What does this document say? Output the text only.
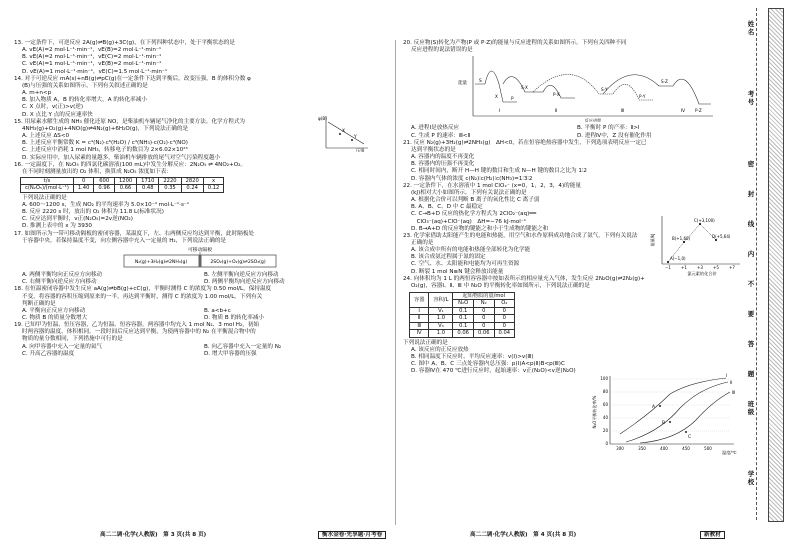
13. 一定条件下，可逆反应 2A(g)⇌B(g)+3C(g)，在下列四种状态中，处于平衡状态的是
A. vE(A)=2 mol·L⁻¹·min⁻¹，vE(B)=2 mol·L⁻¹·min⁻¹
B. vE(A)=2 mol·L⁻¹·min⁻¹，vE(C)=2 mol·L⁻¹·min⁻¹
C. vE(A)=1 mol·L⁻¹·min⁻¹，vE(B)=2 mol·L⁻¹·min⁻¹
D. vE(A)=1 mol·L⁻¹·min⁻¹，vE(C)=1.5 mol·L⁻¹·min⁻¹
14. 对于可逆反应 mA(s)+nB(g)⇌pC(g)在一定条件下达到平衡后，改变压强，B 的体积分数 φ
(B)与压强的关系如图所示，下列有关叙述正确的是
A. m+n<p
B. 加入物质 A，B 的转化率增大，A 的转化率减小
C. X 点时，v(正)>v(逆)
D. X 点比 Y 点的反应速率快
15. 用尿素水解生成的 NH₃ 催化还原 NO，是柴油机车辆尾气净化的主要方法。化学方程式为
4NH₃(g)+O₂(g)+4NO(g)⇌4N₂(g)+6H₂O(g)，下列说法正确的是
A. 上述反应 ΔS<0
B. 上述反应平衡常数 K = c⁴(N₂)·c⁶(H₂O) / c⁴(NH₃)·c(O₂)·c⁴(NO)
C. 上述反应中消耗 1 mol NH₃，转移电子的数目为 2×6.02×10²³
D. 实际应用中，加入尿素的量越多，柴油机车辆排放的尾气对空气污染程度越小
16. 一定温度下，在 N₂O₅ 的四氯化碳溶液(100 mL)中发生分解反应：2N₂O₅ ⇌ 4NO₂+O₂。
在不同时刻测量放出的 O₂ 体积，换算成 N₂O₅ 浓度如下表：
t/s	0	600	1200	1710	2220	2820	x
c(N₂O₅)/(mol·L⁻¹)	1.40	0.96	0.66	0.48	0.35	0.24	0.12
下列说法正确的是
A. 600～1200 s，生成 NO₂ 的平均速率为 5.0×10⁻⁴ mol·L⁻¹·s⁻¹
B. 反应 2220 s 时，放出的 O₂ 体积为 11.8 L(标准状况)
C. 反应达到平衡时，v正(N₂O₅)=2v逆(NO₂)
D. 推测上表中的 x 为 3930
17. 如图所示为一带可移动隔板的密闭容器，某温度下，左、右两侧反应均达到平衡，此时隔板处
于容器中央。若保持温度不变，向左侧容器中充入一定量的 H₂，下列说法正确的是
可移动隔板
N₂(g)+3H₂(g)⇌2NH₃(g)	2SO₂(g)+O₂(g)⇌2SO₃(g)
A. 两侧平衡均向正反应方向移动	B. 左侧平衡向逆反应方向移动
C. 右侧平衡向逆反应方向移动	D. 两侧平衡均向逆反应方向移动
18. 在恒温密闭容器中发生反应 aA(g)⇌bB(g)+cC(g)，平衡时测得 C 的浓度为 0.50 mol/L，保持温度
不变，将容器的容积压缩到原来的一半，再达到平衡时，测得 C 的浓度为 1.00 mol/L。下列有关
判断正确的是
A. 平衡向正反应方向移动	B. a<b+c
C. 物质 B 的质量分数增大	D. 物质 B 的转化率减小
19. 已知甲为恒温、恒压容器，乙为恒温、恒容容器。两容器中均充入 1 mol N₂、3 mol H₂，初始
时两容器的温度、体积相同。一段时间后反应达到平衡，为使两容器中的 N₂ 在平衡混合物中的
物质的量分数相同，下列措施中可行的是
A. 向甲容器中充入一定量的氦气	B. 向乙容器中充入一定量的 N₂
C. 升高乙容器的温度	D. 增大甲容器的压强
φ(B)
压强
X
Y
20. 反应物(S)转化为产物(P 或 P·Z)的能量与反应进程的关系如图所示。下列有关四种不同
反应进程的说法错误的是
能量
反应进程
S
X
S·X
P·X
P
S·Y
P·Y
S·Z
P·Z
Ⅰ	Ⅱ	Ⅲ	Ⅳ
A. 进程Ⅰ是放热反应	B. 平衡时 P 的产率：Ⅱ>Ⅰ
C. 生成 P 的速率：Ⅲ<Ⅱ	D. 进程Ⅳ中，Z 没有催化作用
21. 反应 N₂(g)+3H₂(g)⇌2NH₃(g)　ΔH<0，若在恒容绝热容器中发生，下列选项表明反应一定已
达到平衡状态的是
A. 容器内的温度不再变化
B. 容器内的压强不再变化
C. 相同时间内，断开 H—H 键的数目和生成 N—H 键的数目之比为 1∶2
D. 容器内气体的浓度 c(N₂)∶c(H₂)∶c(NH₃)=1∶3∶2
22. 一定条件下，在水溶液中 1 mol ClOₓ⁻ (x=0，1，2，3，4)的能量
(kJ)相对大小如图所示。下列有关说法正确的是
A. 根据化合价可以判断 B 离子的氧化性比 C 离子弱
B. A、B、C、D 中 C 最稳定
C. C→B+D 反应的热化学方程式为 2ClO₂⁻(aq)══
　ClO₃⁻(aq)+ClO⁻(aq)　ΔH=−76 kJ·mol⁻¹
D. B→A+D 的反应物的键能之和小于生成物的键能之和
23. 化学家借助太阳能产生的电能和热能，用空气和水作原料成功地合成了氨气。下列有关说法
正确的是
A. 该合成中所有的电能和热能全部转化为化学能
B. 该合成氨过程属于氮的固定
C. 空气、水、太阳能和电能均为可再生资源
D. 断裂 1 mol N≡N 键会释放出能量
24. 向体积均为 1 L 的两恒容容器中按如表所示的相应量充入气体，发生反应 2N₂O(g)⇌2N₂(g)+
O₂(g)，容器Ⅰ、Ⅱ、Ⅲ 中 N₂O 的平衡转化率如图所示，下列说法正确的是
容器	容积/L	起始物质的量/mol		
		N₂O	N₂	O₂
Ⅰ	V₁	0.1	0	0
Ⅱ	1.0	0.1	0	0
Ⅲ	V₃	0.1	0	0
Ⅳ	1.0	0.06	0.06	0.04
下列说法正确的是
A. 该反应的正反应放热
B. 相同温度下反应时，平均反应速率：v(Ⅰ)>v(Ⅲ)
C. 图中 A、B、C 三点处容器内总压强：p(Ⅰ)A<p(Ⅱ)B<p(Ⅲ)C
D. 容器Ⅳ在 470 ℃进行反应时，起始速率：v正(N₂O)<v逆(N₂O)
能量/kJ
氯元素的化合价
−1	+1	+3	+5	+7
A(−1,0)
B(+1,60)
C(+3,100)
D(+5,64)
N₂O平衡转化率/%
温度/℃
300	350	400	450	500
0
20
40
60
80
100
A
B
C
Ⅰ
Ⅱ
Ⅲ
高二二调·化学(人教版)　第 3 页(共 8 页)	衡水金卷·先享题·月考卷	高二二调·化学(人教版)　第 4 页(共 8 页)	新教材
姓名
考号
班级
学校
密
封
线
内
不
要
答
题
